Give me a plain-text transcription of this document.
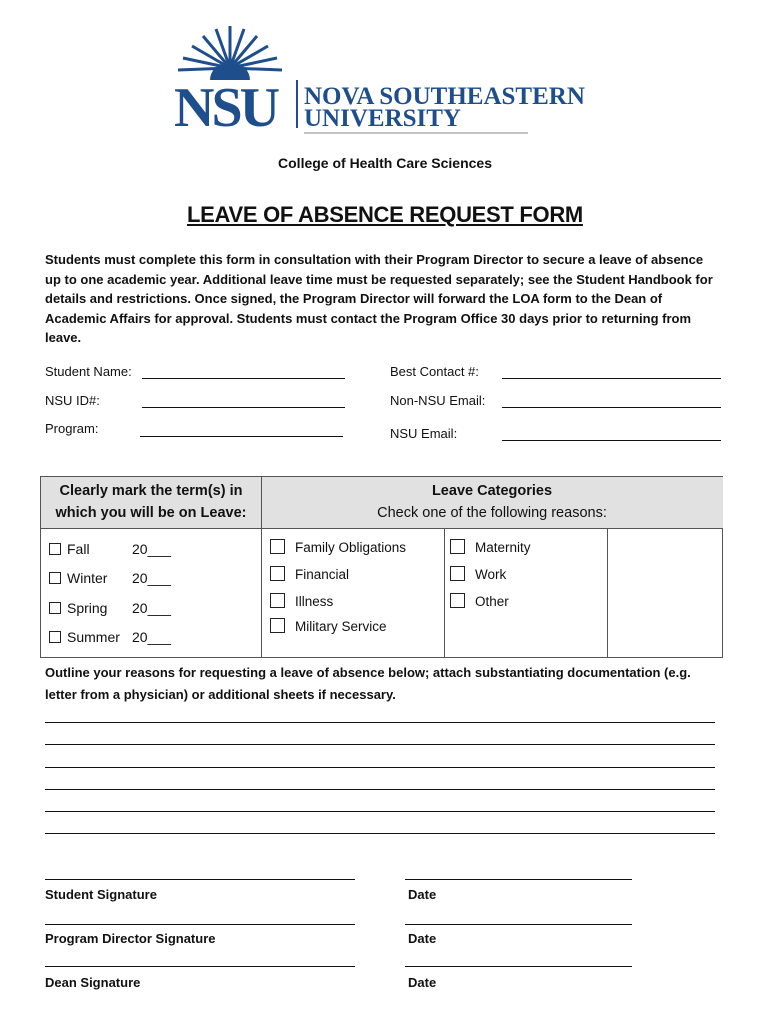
NSU NOVA SOUTHEASTERN
UNIVERSITY
College of Health Care Sciences
LEAVE OF ABSENCE REQUEST FORM
Students must complete this form in consultation with their Program Director to secure a leave of absence up to one academic year. Additional leave time must be requested separately; see the Student Handbook for details and restrictions. Once signed, the Program Director will forward the LOA form to the Dean of Academic Affairs for approval. Students must contact the Program Office 30 days prior to returning from leave.
Student Name:	Best Contact #:
NSU ID#:	Non-NSU Email:
Program:	NSU Email:
Clearly mark the term(s) in
which you will be on Leave:
Leave Categories
Check one of the following reasons:
Fall	20___
Winter 20___
Spring 20___
Summer 20___
Family Obligations
Financial
Illness
Military Service
Maternity
Work
Other
Outline your reasons for requesting a leave of absence below; attach substantiating documentation (e.g. letter from a physician) or additional sheets if necessary.
Student Signature	Date
Program Director Signature	Date
Dean Signature	Date
